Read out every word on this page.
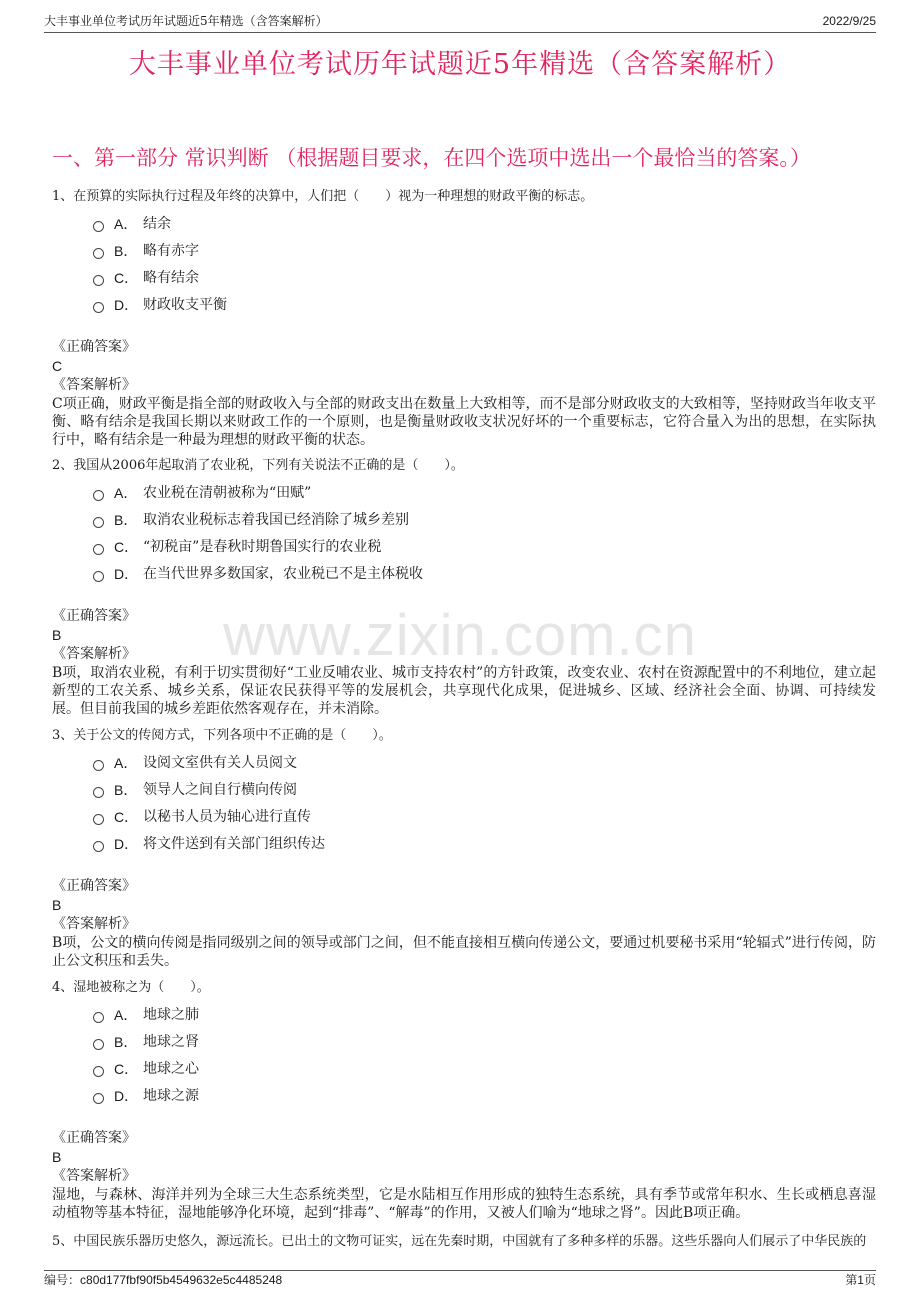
大丰事业单位考试历年试题近5年精选（含答案解析）	2022/9/25
大丰事业单位考试历年试题近5年精选（含答案解析）
一、第一部分 常识判断 （根据题目要求，在四个选项中选出一个最恰当的答案。）
www.zixin.com.cn
1、在预算的实际执行过程及年终的决算中，人们把（　　）视为一种理想的财政平衡的标志。
A． 结余
B． 略有赤字
C． 略有结余
D． 财政收支平衡
《正确答案》
C
《答案解析》
C项正确，财政平衡是指全部的财政收入与全部的财政支出在数量上大致相等，而不是部分财政收支的大致相等，坚持财政当年收支平衡、略有结余是我国长期以来财政工作的一个原则，也是衡量财政收支状况好坏的一个重要标志，它符合量入为出的思想，在实际执行中，略有结余是一种最为理想的财政平衡的状态。
2、我国从2006年起取消了农业税，下列有关说法不正确的是（　　）。
A． 农业税在清朝被称为“田赋”
B． 取消农业税标志着我国已经消除了城乡差别
C． “初税亩”是春秋时期鲁国实行的农业税
D． 在当代世界多数国家，农业税已不是主体税收
《正确答案》
B
《答案解析》
B项，取消农业税，有利于切实贯彻好“工业反哺农业、城市支持农村”的方针政策，改变农业、农村在资源配置中的不利地位，建立起新型的工农关系、城乡关系，保证农民获得平等的发展机会，共享现代化成果，促进城乡、区域、经济社会全面、协调、可持续发展。但目前我国的城乡差距依然客观存在，并未消除。
3、关于公文的传阅方式，下列各项中不正确的是（　　）。
A． 设阅文室供有关人员阅文
B． 领导人之间自行横向传阅
C． 以秘书人员为轴心进行直传
D． 将文件送到有关部门组织传达
《正确答案》
B
《答案解析》
B项，公文的横向传阅是指同级别之间的领导或部门之间，但不能直接相互横向传递公文，要通过机要秘书采用“轮辐式”进行传阅，防止公文积压和丢失。
4、湿地被称之为（　　）。
A． 地球之肺
B． 地球之肾
C． 地球之心
D． 地球之源
《正确答案》
B
《答案解析》
湿地，与森林、海洋并列为全球三大生态系统类型，它是水陆相互作用形成的独特生态系统，具有季节或常年积水、生长或栖息喜湿动植物等基本特征，湿地能够净化环境，起到“排毒”、“解毒”的作用，又被人们喻为“地球之肾”。因此B项正确。
5、中国民族乐器历史悠久，源远流长。已出土的文物可证实，远在先秦时期，中国就有了多种多样的乐器。这些乐器向人们展示了中华民族的
编号：c80d177fbf90f5b4549632e5c4485248	第1页
